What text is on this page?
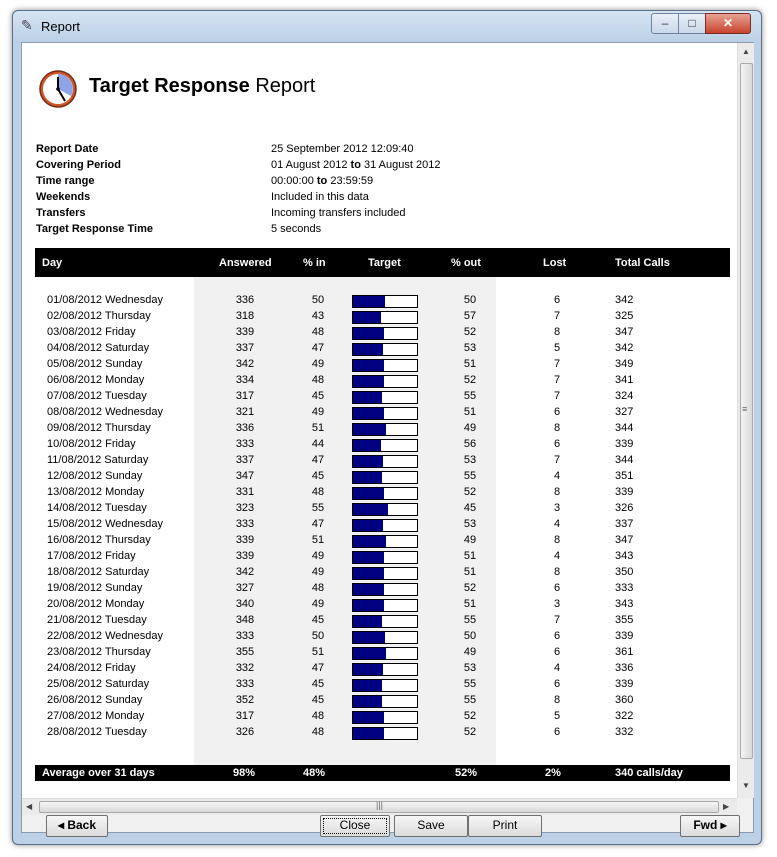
✎ Report	–	□	✕
Target Response Report
Report Date	25 September 2012 12:09:40
Covering Period	01 August 2012 to 31 August 2012
Time range	00:00:00 to 23:59:59
Weekends	Included in this data
Transfers	Incoming transfers included
Target Response Time	5 seconds
Day	Answered	% in	Target	% out	Lost	Total Calls
01/08/2012 Wednesday	336	50	50	6	342
02/08/2012 Thursday	318	43	57	7	325
03/08/2012 Friday	339	48	52	8	347
04/08/2012 Saturday	337	47	53	5	342
05/08/2012 Sunday	342	49	51	7	349
06/08/2012 Monday	334	48	52	7	341
07/08/2012 Tuesday	317	45	55	7	324
08/08/2012 Wednesday	321	49	51	6	327
09/08/2012 Thursday	336	51	49	8	344
10/08/2012 Friday	333	44	56	6	339
11/08/2012 Saturday	337	47	53	7	344
12/08/2012 Sunday	347	45	55	4	351
13/08/2012 Monday	331	48	52	8	339
14/08/2012 Tuesday	323	55	45	3	326
15/08/2012 Wednesday	333	47	53	4	337
16/08/2012 Thursday	339	51	49	8	347
17/08/2012 Friday	339	49	51	4	343
18/08/2012 Saturday	342	49	51	8	350
19/08/2012 Sunday	327	48	52	6	333
20/08/2012 Monday	340	49	51	3	343
21/08/2012 Tuesday	348	45	55	7	355
22/08/2012 Wednesday	333	50	50	6	339
23/08/2012 Thursday	355	51	49	6	361
24/08/2012 Friday	332	47	53	4	336
25/08/2012 Saturday	333	45	55	6	339
26/08/2012 Sunday	352	45	55	8	360
27/08/2012 Monday	317	48	52	5	322
28/08/2012 Tuesday	326	48	52	6	332
Average over 31 days	98%	48%	52%	2%	340 calls/day
▲
≡
▼
◀	|||	▶
◂ Back	Close	Save	Print	Fwd ▸
